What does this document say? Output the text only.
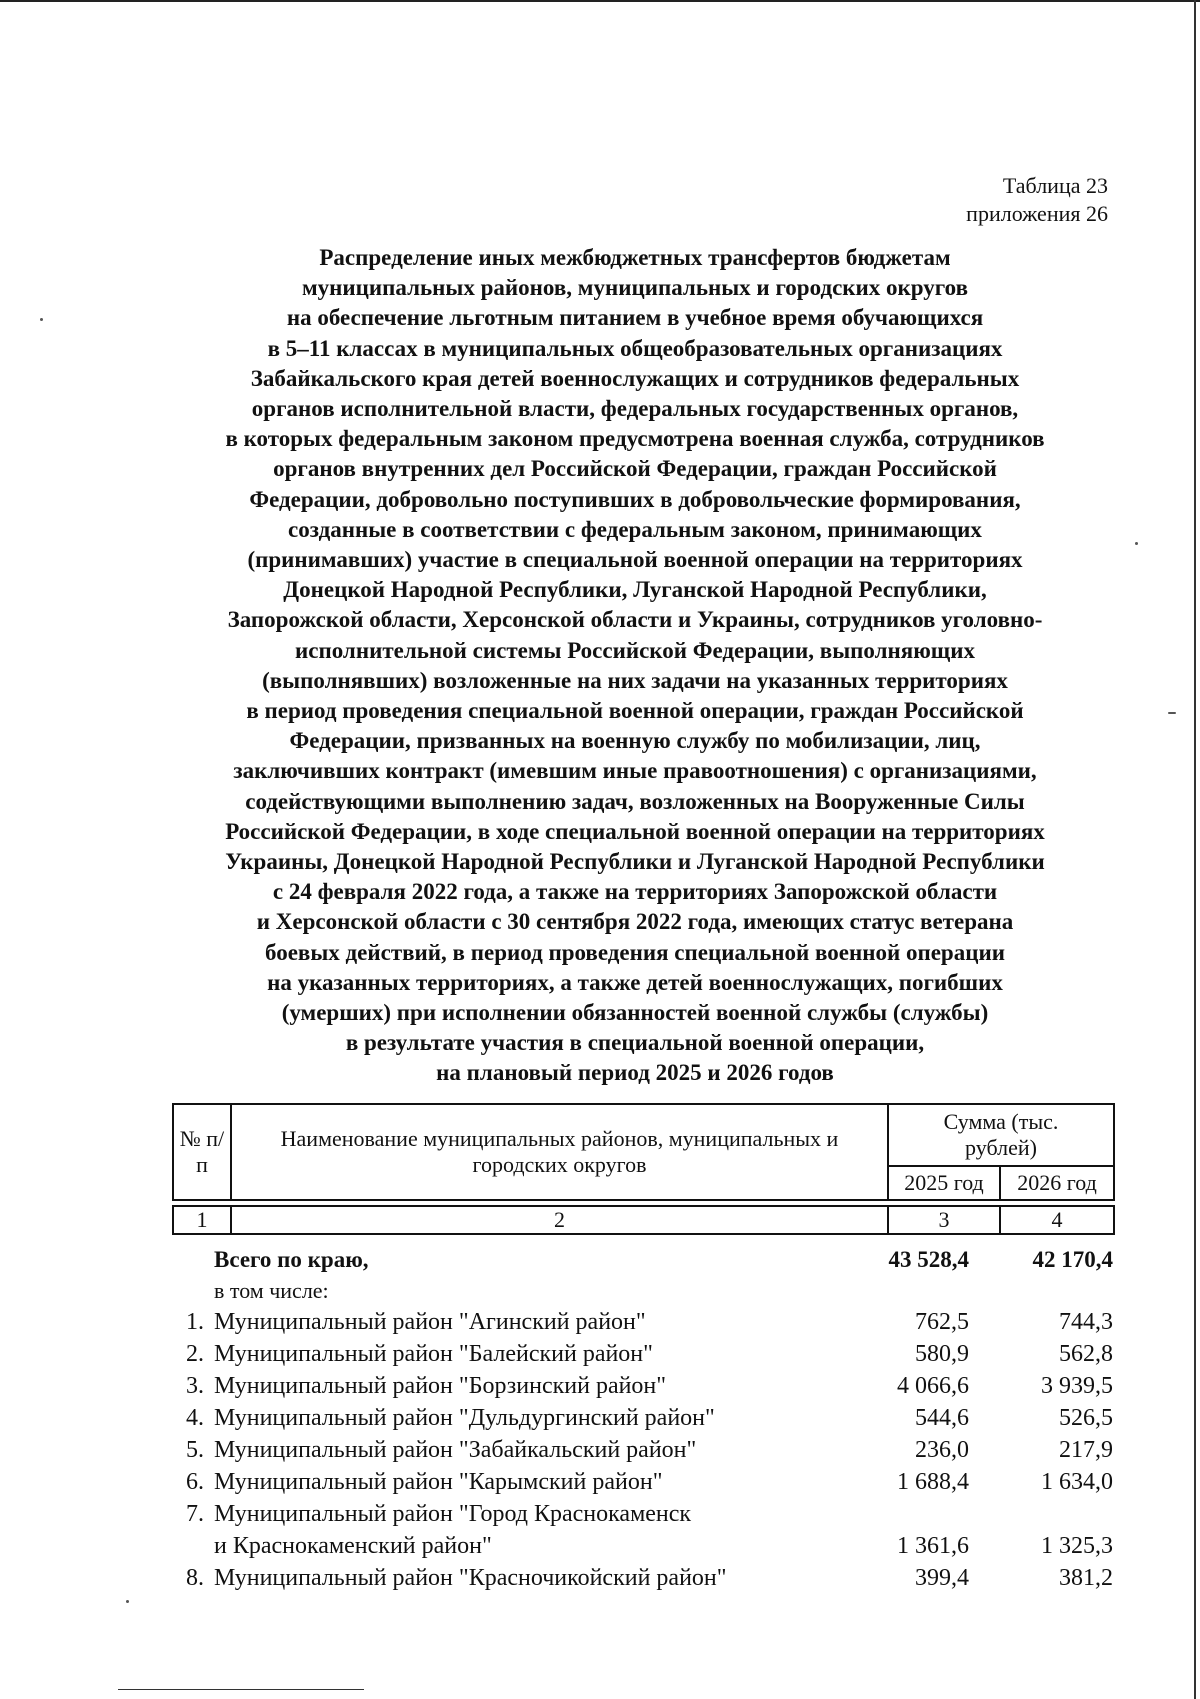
Таблица 23
приложения 26
Распределение иных межбюджетных трансфертов бюджетам
муниципальных районов, муниципальных и городских округов
на обеспечение льготным питанием в учебное время обучающихся
в 5–11 классах в муниципальных общеобразовательных организациях
Забайкальского края детей военнослужащих и сотрудников федеральных
органов исполнительной власти, федеральных государственных органов,
в которых федеральным законом предусмотрена военная служба, сотрудников
органов внутренних дел Российской Федерации, граждан Российской
Федерации, добровольно поступивших в добровольческие формирования,
созданные в соответствии с федеральным законом, принимающих
(принимавших) участие в специальной военной операции на территориях
Донецкой Народной Республики, Луганской Народной Республики,
Запорожской области, Херсонской области и Украины, сотрудников уголовно-
исполнительной системы Российской Федерации, выполняющих
(выполнявших) возложенные на них задачи на указанных территориях
в период проведения специальной военной операции, граждан Российской
Федерации, призванных на военную службу по мобилизации, лиц,
заключивших контракт (имевшим иные правоотношения) с организациями,
содействующими выполнению задач, возложенных на Вооруженные Силы
Российской Федерации, в ходе специальной военной операции на территориях
Украины, Донецкой Народной Республики и Луганской Народной Республики
с 24 февраля 2022 года, а также на территориях Запорожской области
и Херсонской области с 30 сентября 2022 года, имеющих статус ветерана
боевых действий, в период проведения специальной военной операции
на указанных территориях, а также детей военнослужащих, погибших
(умерших) при исполнении обязанностей военной службы (службы)
в результате участия в специальной военной операции,
на плановый период 2025 и 2026 годов
№ п/п	Наименование муниципальных районов, муниципальных и городских округов	Сумма (тыс. рублей)	
		2025 год	2026 год
1	2	3	4
Всего по краю,	43 528,4	42 170,4
в том числе:
1. Муниципальный район "Агинский район"	762,5	744,3
2. Муниципальный район "Балейский район"	580,9	562,8
3. Муниципальный район "Борзинский район"	4 066,6	3 939,5
4. Муниципальный район "Дульдургинский район"	544,6	526,5
5. Муниципальный район "Забайкальский район"	236,0	217,9
6. Муниципальный район "Карымский район"	1 688,4	1 634,0
7. Муниципальный район "Город Краснокаменск
и Краснокаменский район"	1 361,6	1 325,3
8. Муниципальный район "Красночикойский район"	399,4	381,2
